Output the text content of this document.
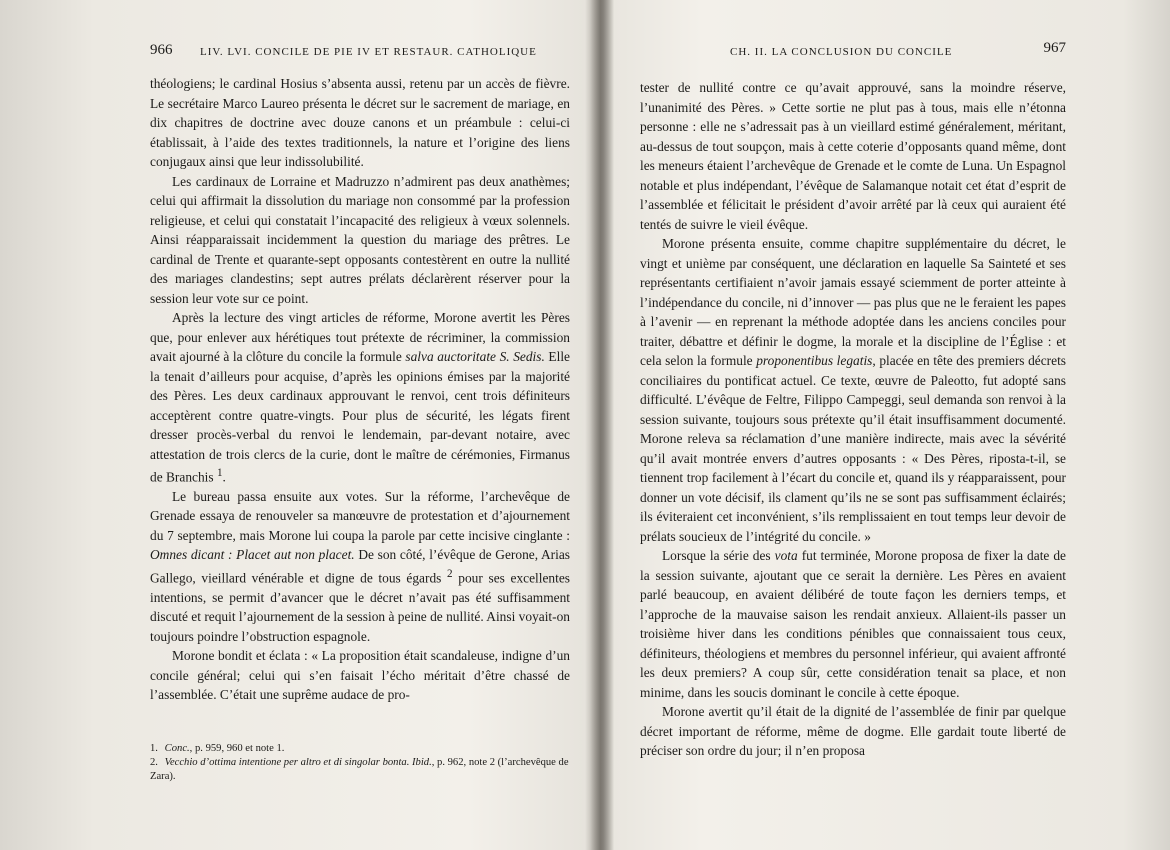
966	LIV. LVI. CONCILE DE PIE IV ET RESTAUR. CATHOLIQUE

théologiens; le cardinal Hosius s’absenta aussi, retenu par un accès de fièvre. Le secrétaire Marco Laureo présenta le décret sur le sacrement de mariage, en dix chapitres de doctrine avec douze canons et un préambule : celui-ci établissait, à l’aide des textes traditionnels, la nature et l’origine des liens conjugaux ainsi que leur indissolubilité.

Les cardinaux de Lorraine et Madruzzo n’admirent pas deux anathèmes; celui qui affirmait la dissolution du mariage non consommé par la profession religieuse, et celui qui constatait l’incapacité des religieux à vœux solennels. Ainsi réapparaissait incidemment la question du mariage des prêtres. Le cardinal de Trente et quarante-sept opposants contestèrent en outre la nullité des mariages clandestins; sept autres prélats déclarèrent réserver pour la session leur vote sur ce point.

Après la lecture des vingt articles de réforme, Morone avertit les Pères que, pour enlever aux hérétiques tout prétexte de récriminer, la commission avait ajourné à la clôture du concile la formule salva auctoritate S. Sedis. Elle la tenait d’ailleurs pour acquise, d’après les opinions émises par la majorité des Pères. Les deux cardinaux approuvant le renvoi, cent trois définiteurs acceptèrent contre quatre-vingts. Pour plus de sécurité, les légats firent dresser procès-verbal du renvoi le lendemain, par-devant notaire, avec attestation de trois clercs de la curie, dont le maître de cérémonies, Firmanus de Branchis $^1$.

Le bureau passa ensuite aux votes. Sur la réforme, l’archevêque de Grenade essaya de renouveler sa manœuvre de protestation et d’ajournement du 7 septembre, mais Morone lui coupa la parole par cette incisive cinglante : Omnes dicant : Placet aut non placet. De son côté, l’évêque de Gerone, Arias Gallego, vieillard vénérable et digne de tous égards $^2$ pour ses excellentes intentions, se permit d’avancer que le décret n’avait pas été suffisamment discuté et requit l’ajournement de la session à peine de nullité. Ainsi voyait-on toujours poindre l’obstruction espagnole.

Morone bondit et éclata : « La proposition était scandaleuse, indigne d’un concile général; celui qui s’en faisait l’écho méritait d’être chassé de l’assemblée. C’était une suprême audace de pro-

1. Conc., p. 959, 960 et note 1.
2. Vecchio d’ottima intentione per altro et di singolar bonta. Ibid., p. 962, note 2 (l’archevêque de Zara).
CH. II. LA CONCLUSION DU CONCILE	967

tester de nullité contre ce qu’avait approuvé, sans la moindre réserve, l’unanimité des Pères. » Cette sortie ne plut pas à tous, mais elle n’étonna personne : elle ne s’adressait pas à un vieillard estimé généralement, méritant, au-dessus de tout soupçon, mais à cette coterie d’opposants quand même, dont les meneurs étaient l’archevêque de Grenade et le comte de Luna. Un Espagnol notable et plus indépendant, l’évêque de Salamanque notait cet état d’esprit de l’assemblée et félicitait le président d’avoir arrêté par là ceux qui auraient été tentés de suivre le vieil évêque.

Morone présenta ensuite, comme chapitre supplémentaire du décret, le vingt et unième par conséquent, une déclaration en laquelle Sa Sainteté et ses représentants certifiaient n’avoir jamais essayé sciemment de porter atteinte à l’indépendance du concile, ni d’innover — pas plus que ne le feraient les papes à l’avenir — en reprenant la méthode adoptée dans les anciens conciles pour traiter, débattre et définir le dogme, la morale et la discipline de l’Église : et cela selon la formule proponentibus legatis, placée en tête des premiers décrets conciliaires du pontificat actuel. Ce texte, œuvre de Paleotto, fut adopté sans difficulté. L’évêque de Feltre, Filippo Campeggi, seul demanda son renvoi à la session suivante, toujours sous prétexte qu’il était insuffisamment documenté. Morone releva sa réclamation d’une manière indirecte, mais avec la sévérité qu’il avait montrée envers d’autres opposants : « Des Pères, riposta-t-il, se tiennent trop facilement à l’écart du concile et, quand ils y réapparaissent, pour donner un vote décisif, ils clament qu’ils ne se sont pas suffisamment éclairés; ils éviteraient cet inconvénient, s’ils remplissaient en tout temps leur devoir de prélats soucieux de l’intégrité du concile. »

Lorsque la série des vota fut terminée, Morone proposa de fixer la date de la session suivante, ajoutant que ce serait la dernière. Les Pères en avaient parlé beaucoup, en avaient délibéré de toute façon les derniers temps, et l’approche de la mauvaise saison les rendait anxieux. Allaient-ils passer un troisième hiver dans les conditions pénibles que connaissaient tous ceux, définiteurs, théologiens et membres du personnel inférieur, qui avaient affronté les deux premiers? A coup sûr, cette considération tenait sa place, et non minime, dans les soucis dominant le concile à cette époque.

Morone avertit qu’il était de la dignité de l’assemblée de finir par quelque décret important de réforme, même de dogme. Elle gardait toute liberté de préciser son ordre du jour; il n’en proposa
